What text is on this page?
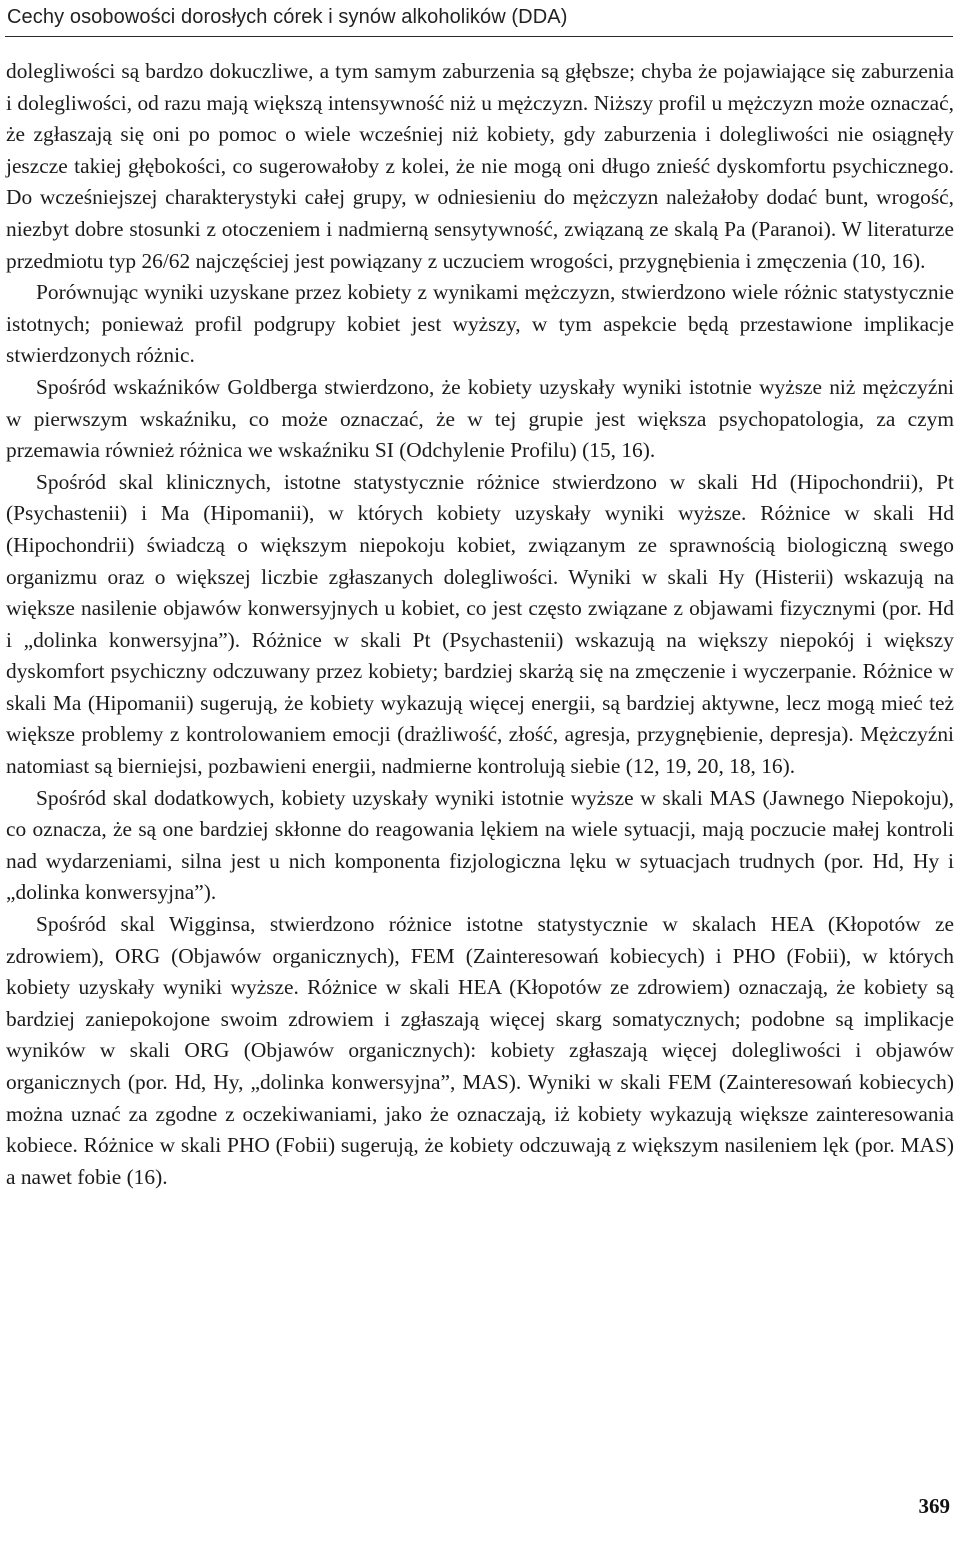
Cechy osobowości dorosłych córek i synów alkoholików (DDA)

dolegliwości są bardzo dokuczliwe, a tym samym zaburzenia są głębsze; chyba że pojawiające się zaburzenia i dolegliwości, od razu mają większą intensywność niż u mężczyzn. Niższy profil u mężczyzn może oznaczać, że zgłaszają się oni po pomoc o wiele wcześniej niż kobiety, gdy zaburzenia i dolegliwości nie osiągnęły jeszcze takiej głębokości, co sugerowałoby z kolei, że nie mogą oni długo znieść dyskomfortu psychicznego. Do wcześniejszej charakterystyki całej grupy, w odniesieniu do mężczyzn należałoby dodać bunt, wrogość, niezbyt dobre stosunki z otoczeniem i nadmierną sensytywność, związaną ze skalą Pa (Paranoi). W literaturze przedmiotu typ 26/62 najczęściej jest powiązany z uczuciem wrogości, przygnębienia i zmęczenia (10, 16).

Porównując wyniki uzyskane przez kobiety z wynikami mężczyzn, stwierdzono wiele różnic statystycznie istotnych; ponieważ profil podgrupy kobiet jest wyższy, w tym aspekcie będą przestawione implikacje stwierdzonych różnic.

Spośród wskaźników Goldberga stwierdzono, że kobiety uzyskały wyniki istotnie wyższe niż mężczyźni w pierwszym wskaźniku, co może oznaczać, że w tej grupie jest większa psychopatologia, za czym przemawia również różnica we wskaźniku SI (Odchylenie Profilu) (15, 16).

Spośród skal klinicznych, istotne statystycznie różnice stwierdzono w skali Hd (Hipochondrii), Pt (Psychastenii) i Ma (Hipomanii), w których kobiety uzyskały wyniki wyższe. Różnice w skali Hd (Hipochondrii) świadczą o większym niepokoju kobiet, związanym ze sprawnością biologiczną swego organizmu oraz o większej liczbie zgłaszanych dolegliwości. Wyniki w skali Hy (Histerii) wskazują na większe nasilenie objawów konwersyjnych u kobiet, co jest często związane z objawami fizycznymi (por. Hd i „dolinka konwersyjna”). Różnice w skali Pt (Psychastenii) wskazują na większy niepokój i większy dyskomfort psychiczny odczuwany przez kobiety; bardziej skarżą się na zmęczenie i wyczerpanie. Różnice w skali Ma (Hipomanii) sugerują, że kobiety wykazują więcej energii, są bardziej aktywne, lecz mogą mieć też większe problemy z kontrolowaniem emocji (drażliwość, złość, agresja, przygnębienie, depresja). Mężczyźni natomiast są bierniejsi, pozbawieni energii, nadmierne kontrolują siebie (12, 19, 20, 18, 16).

Spośród skal dodatkowych, kobiety uzyskały wyniki istotnie wyższe w skali MAS (Jawnego Niepokoju), co oznacza, że są one bardziej skłonne do reagowania lękiem na wiele sytuacji, mają poczucie małej kontroli nad wydarzeniami, silna jest u nich komponenta fizjologiczna lęku w sytuacjach trudnych (por. Hd, Hy i „dolinka konwersyjna”).

Spośród skal Wigginsa, stwierdzono różnice istotne statystycznie w skalach HEA (Kłopotów ze zdrowiem), ORG (Objawów organicznych), FEM (Zainteresowań kobiecych) i PHO (Fobii), w których kobiety uzyskały wyniki wyższe. Różnice w skali HEA (Kłopotów ze zdrowiem) oznaczają, że kobiety są bardziej zaniepokojone swoim zdrowiem i zgłaszają więcej skarg somatycznych; podobne są implikacje wyników w skali ORG (Objawów organicznych): kobiety zgłaszają więcej dolegliwości i objawów organicznych (por. Hd, Hy, „dolinka konwersyjna”, MAS). Wyniki w skali FEM (Zainteresowań kobiecych) można uznać za zgodne z oczekiwaniami, jako że oznaczają, iż kobiety wykazują większe zainteresowania kobiece. Różnice w skali PHO (Fobii) sugerują, że kobiety odczuwają z większym nasileniem lęk (por. MAS) a nawet fobie (16).

369
